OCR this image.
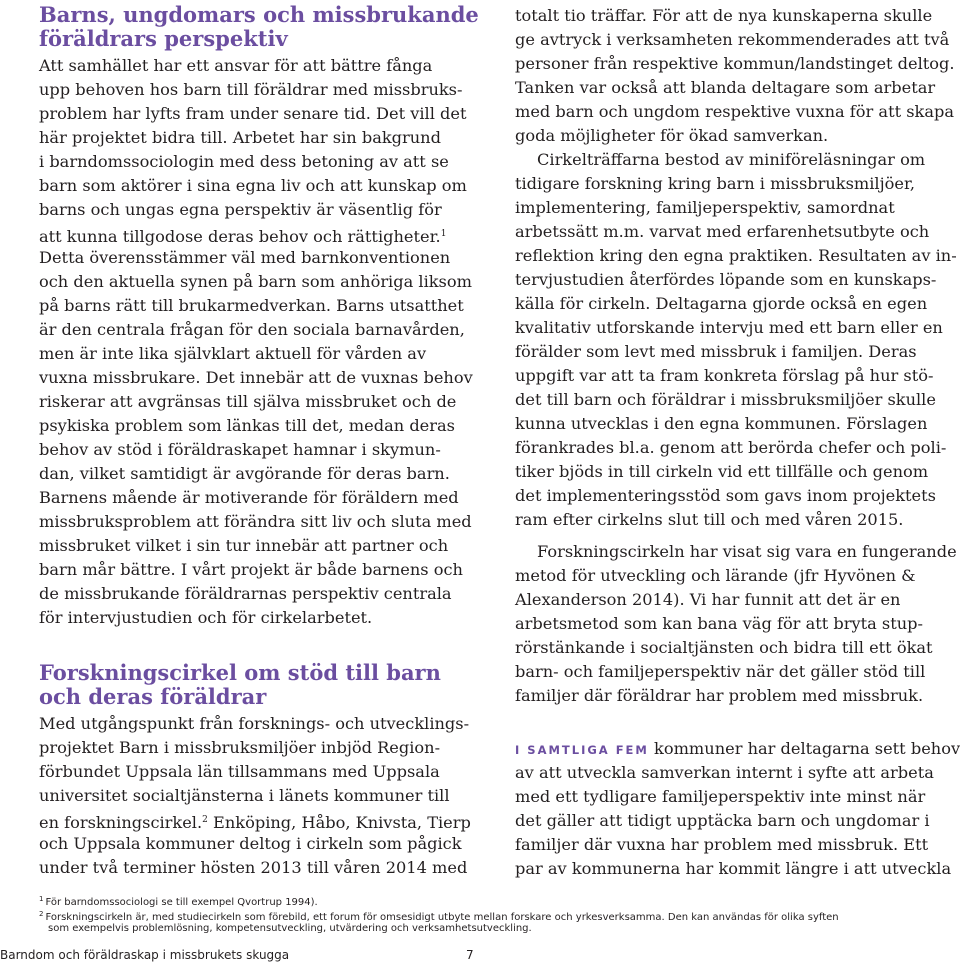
Barns, ungdomars och missbrukande
föräldrars perspektiv
Att samhället har ett ansvar för att bättre fånga
upp behoven hos barn till föräldrar med missbruks-
problem har lyfts fram under senare tid. Det vill det
här projektet bidra till. Arbetet har sin bakgrund
i barndomssociologin med dess betoning av att se
barn som aktörer i sina egna liv och att kunskap om
barns och ungas egna perspektiv är väsentlig för
att kunna tillgodose deras behov och rättigheter.$^1$
Detta överensstämmer väl med barnkonventionen
och den aktuella synen på barn som anhöriga liksom
på barns rätt till brukarmedverkan. Barns utsatthet
är den centrala frågan för den sociala barnavården,
men är inte lika självklart aktuell för vården av
vuxna missbrukare. Det innebär att de vuxnas behov
riskerar att avgränsas till själva missbruket och de
psykiska problem som länkas till det, medan deras
behov av stöd i föräldraskapet hamnar i skymun-
dan, vilket samtidigt är avgörande för deras barn.
Barnens mående är motiverande för föräldern med
missbruksproblem att förändra sitt liv och sluta med
missbruket vilket i sin tur innebär att partner och
barn mår bättre. I vårt projekt är både barnens och
de missbrukande föräldrarnas perspektiv centrala
för intervjustudien och för cirkelarbetet.
Forskningscirkel om stöd till barn
och deras föräldrar
Med utgångspunkt från forsknings- och utvecklings-
projektet Barn i missbruksmiljöer inbjöd Region-
förbundet Uppsala län tillsammans med Uppsala
universitet socialtjänsterna i länets kommuner till
en forskningscirkel.$^2$ Enköping, Håbo, Knivsta, Tierp
och Uppsala kommuner deltog i cirkeln som pågick
under två terminer hösten 2013 till våren 2014 med
totalt tio träffar. För att de nya kunskaperna skulle
ge avtryck i verksamheten rekommenderades att två
personer från respektive kommun/landstinget deltog.
Tanken var också att blanda deltagare som arbetar
med barn och ungdom respektive vuxna för att skapa
goda möjligheter för ökad samverkan.
Cirkelträffarna bestod av miniföreläsningar om
tidigare forskning kring barn i missbruksmiljöer,
implementering, familjeperspektiv, samordnat
arbetssätt m.m. varvat med erfarenhetsutbyte och
reflektion kring den egna praktiken. Resultaten av in-
tervjustudien återfördes löpande som en kunskaps-
källa för cirkeln. Deltagarna gjorde också en egen
kvalitativ utforskande intervju med ett barn eller en
förälder som levt med missbruk i familjen. Deras
uppgift var att ta fram konkreta förslag på hur stö-
det till barn och föräldrar i missbruksmiljöer skulle
kunna utvecklas i den egna kommunen. Förslagen
förankrades bl.a. genom att berörda chefer och poli-
tiker bjöds in till cirkeln vid ett tillfälle och genom
det implementeringsstöd som gavs inom projektets
ram efter cirkelns slut till och med våren 2015.
Forskningscirkeln har visat sig vara en fungerande
metod för utveckling och lärande (jfr Hyvönen &
Alexanderson 2014). Vi har funnit att det är en
arbetsmetod som kan bana väg för att bryta stup-
rörstänkande i socialtjänsten och bidra till ett ökat
barn- och familjeperspektiv när det gäller stöd till
familjer där föräldrar har problem med missbruk.
I SAMTLIGA FEM kommuner har deltagarna sett behov
av att utveckla samverkan internt i syfte att arbeta
med ett tydligare familjeperspektiv inte minst när
det gäller att tidigt upptäcka barn och ungdomar i
familjer där vuxna har problem med missbruk. Ett
par av kommunerna har kommit längre i att utveckla
$^1$ För barndomssociologi se till exempel Qvortrup 1994).
$^2$ Forskningscirkeln är, med studiecirkeln som förebild, ett forum för omsesidigt utbyte mellan forskare och yrkesverksamma. Den kan användas för olika syften
som exempelvis problemlösning, kompetensutveckling, utvärdering och verksamhetsutveckling.
Barndom och föräldraskap i missbrukets skugga	7
